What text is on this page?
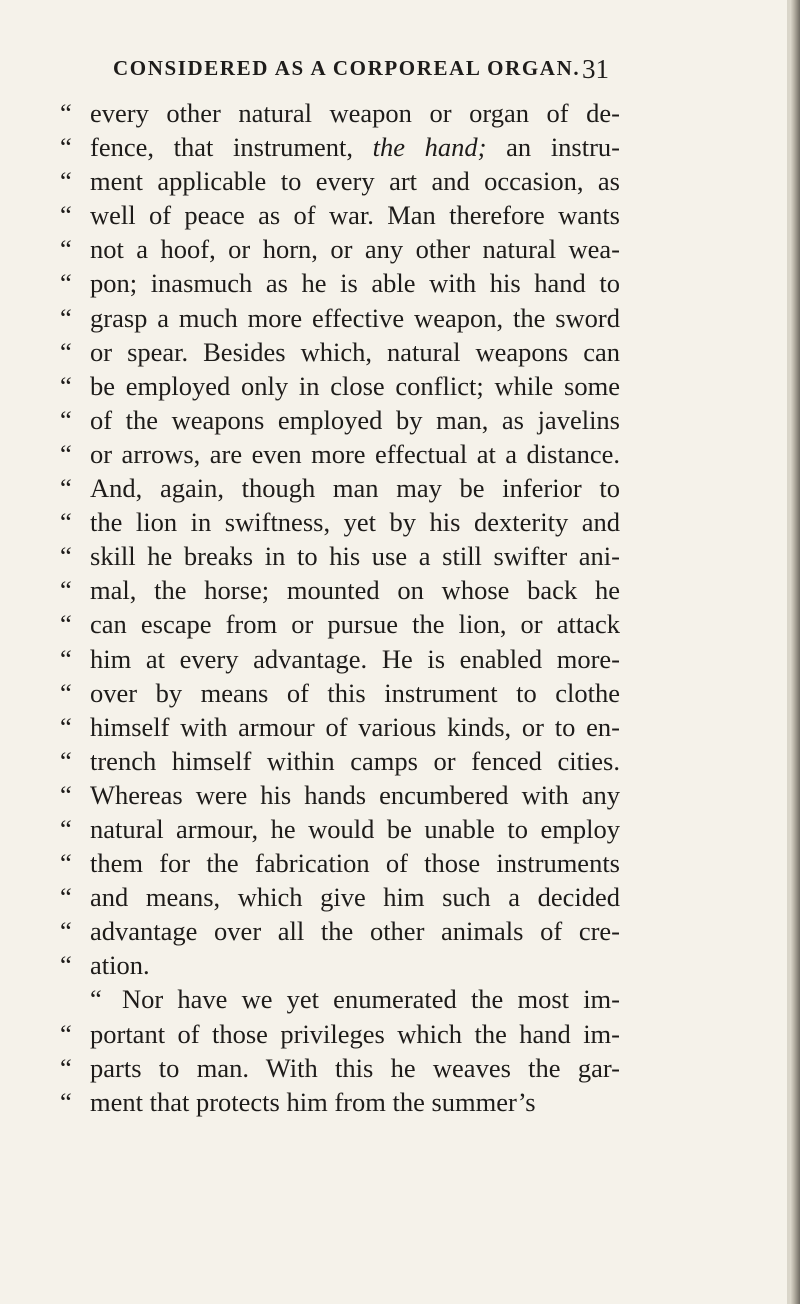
CONSIDERED AS A CORPOREAL ORGAN. 31
“ every other natural weapon or organ of de-
“ fence, that instrument, the hand; an instru-
“ ment applicable to every art and occasion, as
“ well of peace as of war. Man therefore wants
“ not a hoof, or horn, or any other natural wea-
“ pon; inasmuch as he is able with his hand to
“ grasp a much more effective weapon, the sword
“ or spear. Besides which, natural weapons can
“ be employed only in close conflict; while some
“ of the weapons employed by man, as javelins
“ or arrows, are even more effectual at a distance.
“ And, again, though man may be inferior to
“ the lion in swiftness, yet by his dexterity and
“ skill he breaks in to his use a still swifter ani-
“ mal, the horse; mounted on whose back he
“ can escape from or pursue the lion, or attack
“ him at every advantage. He is enabled more-
“ over by means of this instrument to clothe
“ himself with armour of various kinds, or to en-
“ trench himself within camps or fenced cities.
“ Whereas were his hands encumbered with any
“ natural armour, he would be unable to employ
“ them for the fabrication of those instruments
“ and means, which give him such a decided
“ advantage over all the other animals of cre-
“ ation.
“ Nor have we yet enumerated the most im-
“ portant of those privileges which the hand im-
“ parts to man. With this he weaves the gar-
“ ment that protects him from the summer’s
